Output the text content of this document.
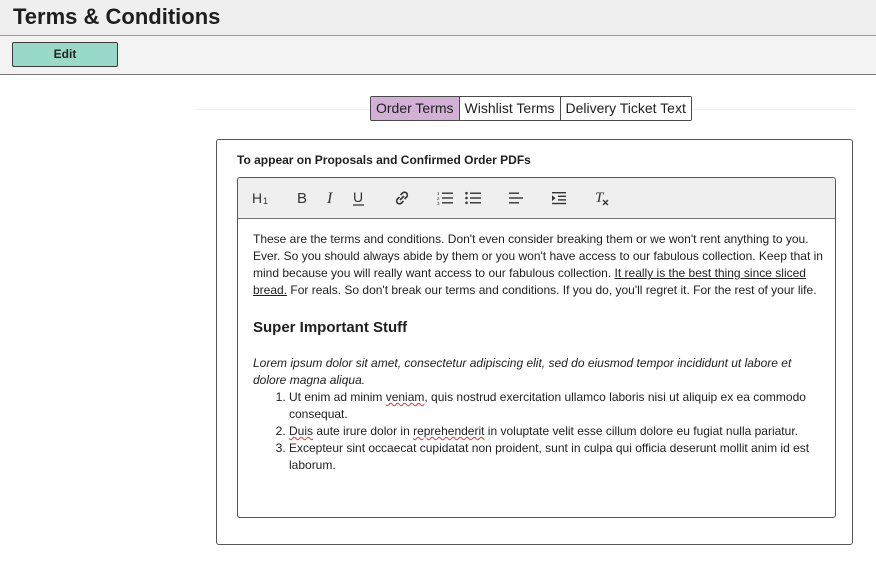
Terms & Conditions
Edit
Order Terms Wishlist Terms Delivery Ticket Text
To appear on Proposals and Confirmed Order PDFs
H 1 B I U	1
2
3	T

These are the terms and conditions. Don't even consider breaking them or we won't rent anything to you. Ever. So you should always abide by them or you won't have access to our fabulous collection. Keep that in mind because you will really want access to our fabulous collection. It really is the best thing since sliced bread. For reals. So don't break our terms and conditions. If you do, you'll regret it. For the rest of your life.

Super Important Stuff

Lorem ipsum dolor sit amet, consectetur adipiscing elit, sed do eiusmod tempor incididunt ut labore et dolore magna aliqua.

1. Ut enim ad minim veniam, quis nostrud exercitation ullamco laboris nisi ut aliquip ex ea commodo consequat.
2. Duis aute irure dolor in reprehenderit in voluptate velit esse cillum dolore eu fugiat nulla pariatur.
3. Excepteur sint occaecat cupidatat non proident, sunt in culpa qui officia deserunt mollit anim id est laborum.
